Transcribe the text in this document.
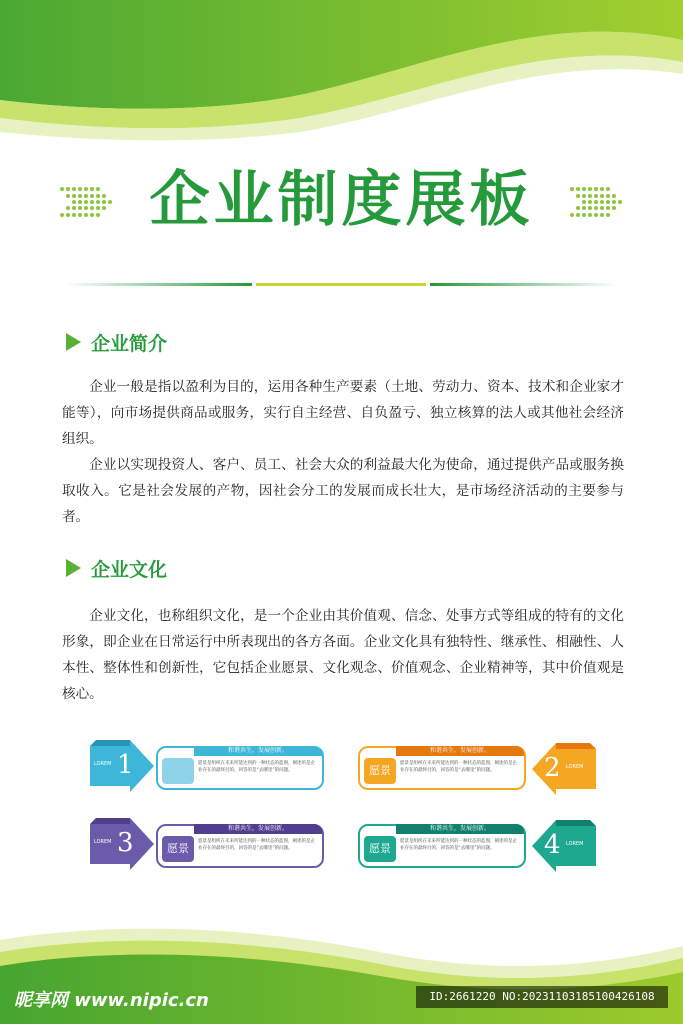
企业制度展板
企业简介

企业一般是指以盈利为目的，运用各种生产要素（土地、劳动力、资本、技术和企业家才能等），向市场提供商品或服务，实行自主经营、自负盈亏、独立核算的法人或其他社会经济组织。

企业以实现投资人、客户、员工、社会大众的利益最大化为使命，通过提供产品或服务换取收入。它是社会发展的产物，因社会分工的发展而成长壮大，是市场经济活动的主要参与者。

企业文化

企业文化，也称组织文化，是一个企业由其价值观、信念、处事方式等组成的特有的文化形象，即企业在日常运行中所表现出的各方各面。企业文化具有独特性、继承性、相融性、人本性、整体性和创新性，它包括企业愿景、文化观念、价值观念、企业精神等，其中价值观是核心。

LOREM 1	和谐共生，发展创新。
愿景是组织在未来所能达到的一种状态的蓝图，阐述的是企业存在的最终目的，回答的是“去哪里”的问题。
和谐共生，发展创新。
愿景
愿景是组织在未来所能达到的一种状态的蓝图，阐述的是企业存在的最终目的，回答的是“去哪里”的问题。	2 LOREM
LOREM 3	和谐共生，发展创新。
愿景
愿景是组织在未来所能达到的一种状态的蓝图，阐述的是企业存在的最终目的，回答的是“去哪里”的问题。
和谐共生，发展创新。
愿景
愿景是组织在未来所能达到的一种状态的蓝图，阐述的是企业存在的最终目的，回答的是“去哪里”的问题。	4 LOREM
昵享网 www.nipic.cn	ID:2661220 NO:20231103185100426108
